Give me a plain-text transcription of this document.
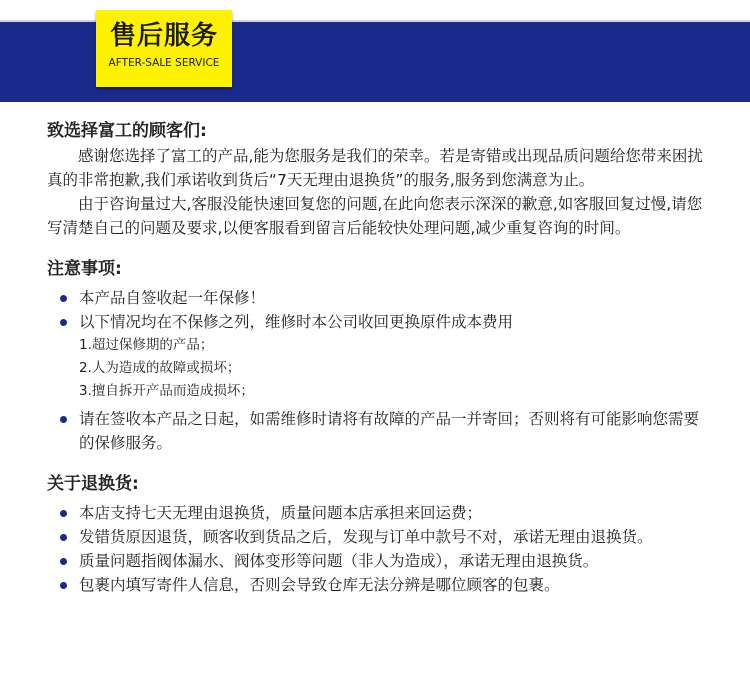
售后服务
AFTER-SALE SERVICE
致选择富工的顾客们:

感谢您选择了富工的产品,能为您服务是我们的荣幸。若是寄错或出现品质问题给您带来困扰真的非常抱歉,我们承诺收到货后“7天无理由退换货”的服务,服务到您满意为止。

由于咨询量过大,客服没能快速回复您的问题,在此向您表示深深的歉意,如客服回复过慢,请您写清楚自己的问题及要求,以便客服看到留言后能较快处理问题,减少重复咨询的时间。

注意事项:
本产品自签收起一年保修！
以下情况均在不保修之列，维修时本公司收回更换原件成本费用
1.超过保修期的产品；
2.人为造成的故障或损坏；
3.擅自拆开产品而造成损坏；
请在签收本产品之日起，如需维修时请将有故障的产品一并寄回；否则将有可能影响您需要的保修服务。
关于退换货:
本店支持七天无理由退换货，质量问题本店承担来回运费；
发错货原因退货，顾客收到货品之后，发现与订单中款号不对，承诺无理由退换货。
质量问题指阀体漏水、阀体变形等问题（非人为造成），承诺无理由退换货。
包裹内填写寄件人信息，否则会导致仓库无法分辨是哪位顾客的包裹。
